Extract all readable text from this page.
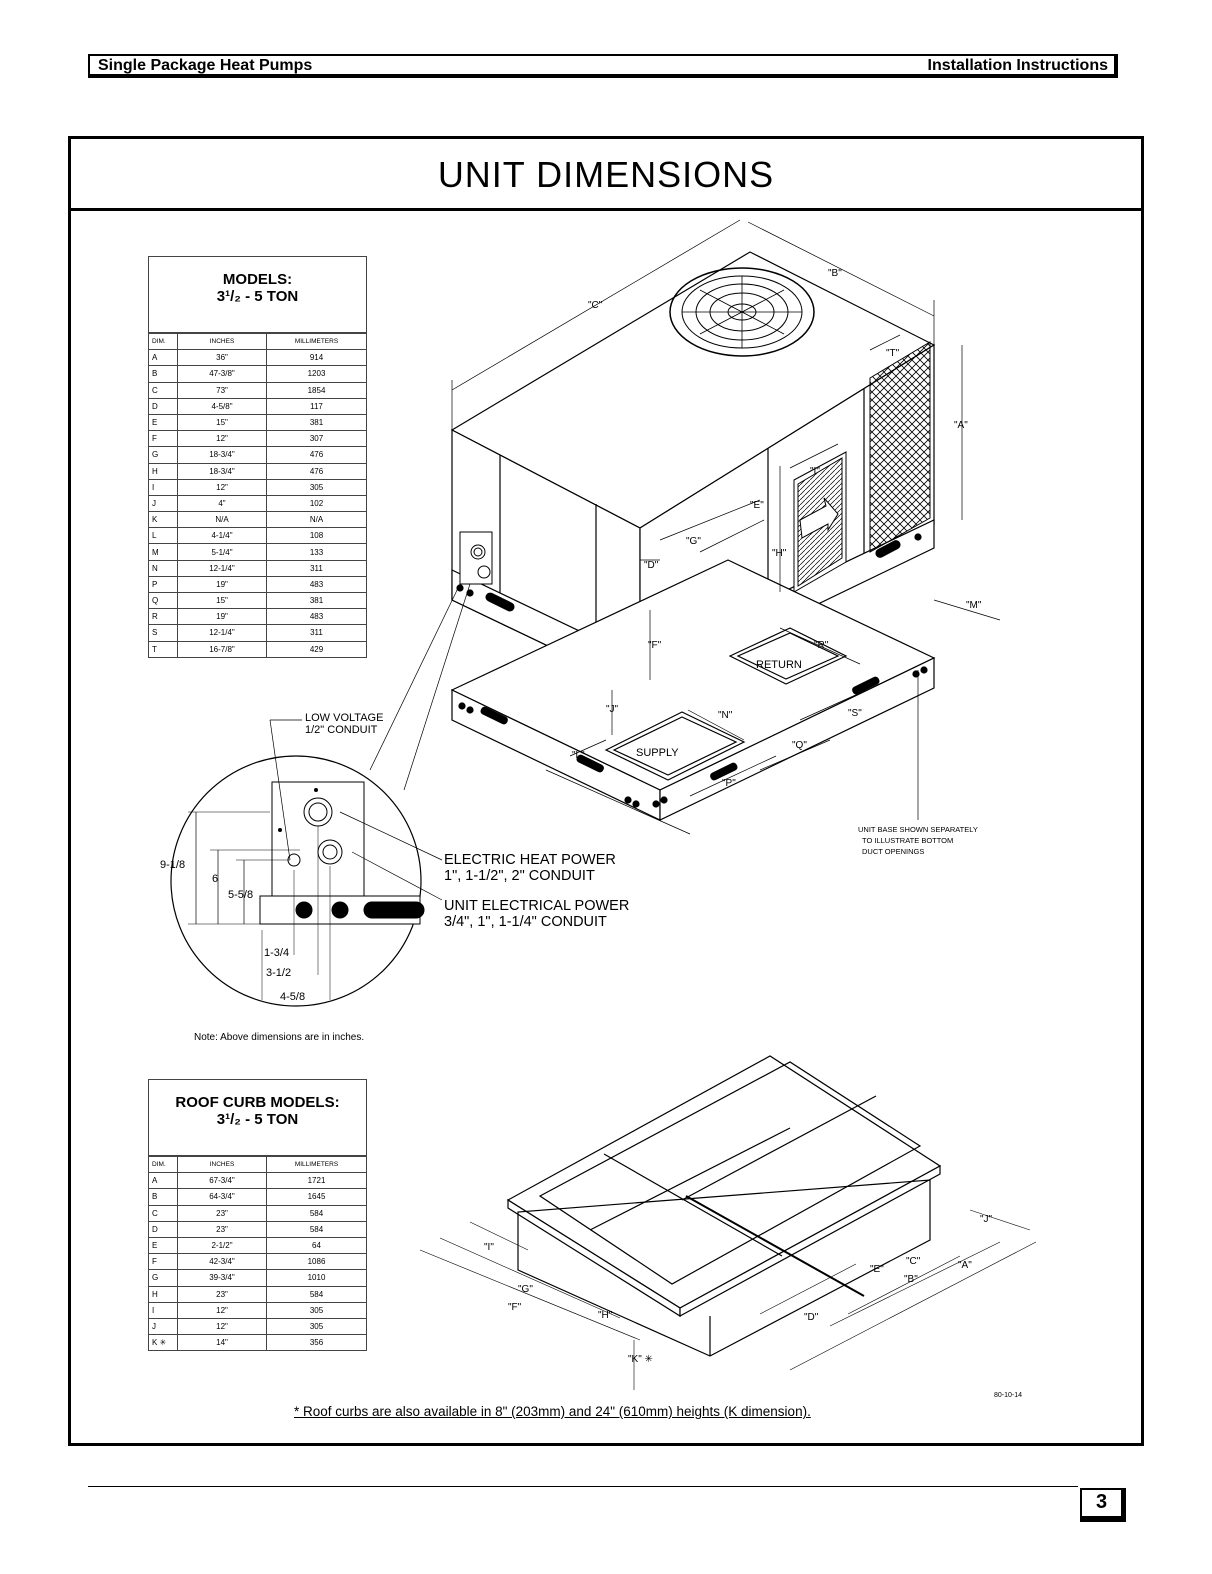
Single Package Heat Pumps	Installation Instructions
UNIT DIMENSIONS
MODELS:
3¹/₂ - 5 TON
DIM.	INCHES	MILLIMETERS
A	36"	914
B	47-3/8"	1203
C	73"	1854
D	4-5/8"	117
E	15"	381
F	12"	307
G	18-3/4"	476
H	18-3/4"	476
I	12"	305
J	4"	102
K	N/A	N/A
L	4-1/4"	108
M	5-1/4"	133
N	12-1/4"	311
P	19"	483
Q	15"	381
R	19"	483
S	12-1/4"	311
T	16-7/8"	429
ROOF CURB MODELS:
3¹/₂ - 5 TON
DIM.	INCHES	MILLIMETERS
A	67-3/4"	1721
B	64-3/4"	1645
C	23"	584
D	23"	584
E	2-1/2"	64
F	42-3/4"	1086
G	39-3/4"	1010
H	23"	584
I	12"	305
J	12"	305
K ✳	14"	356
RETURN
SUPPLY
"C"
"B"
"T"
"A"
"I"
"E"
"G"
"H"
"D"
"F"
"M"
"R"
"J"	"S"
"N"
"L"
"Q"
"P"
UNIT BASE SHOWN SEPARATELY
TO ILLUSTRATE BOTTOM
DUCT OPENINGS
9-1/8
6
5-5/8
1-3/4
3-1/2
4-5/8
LOW VOLTAGE
1/2" CONDUIT
ELECTRIC HEAT POWER
1", 1-1/2", 2" CONDUIT
UNIT ELECTRICAL POWER
3/4", 1", 1-1/4" CONDUIT
"I"
"G"
"F"
"H"
"K" ✳
"D"
"E"
"C"
"B"
"A"
"J"
Note: Above dimensions are in inches.
80-10-14
* Roof curbs are also available in 8" (203mm) and 24" (610mm) heights (K dimension).
3
